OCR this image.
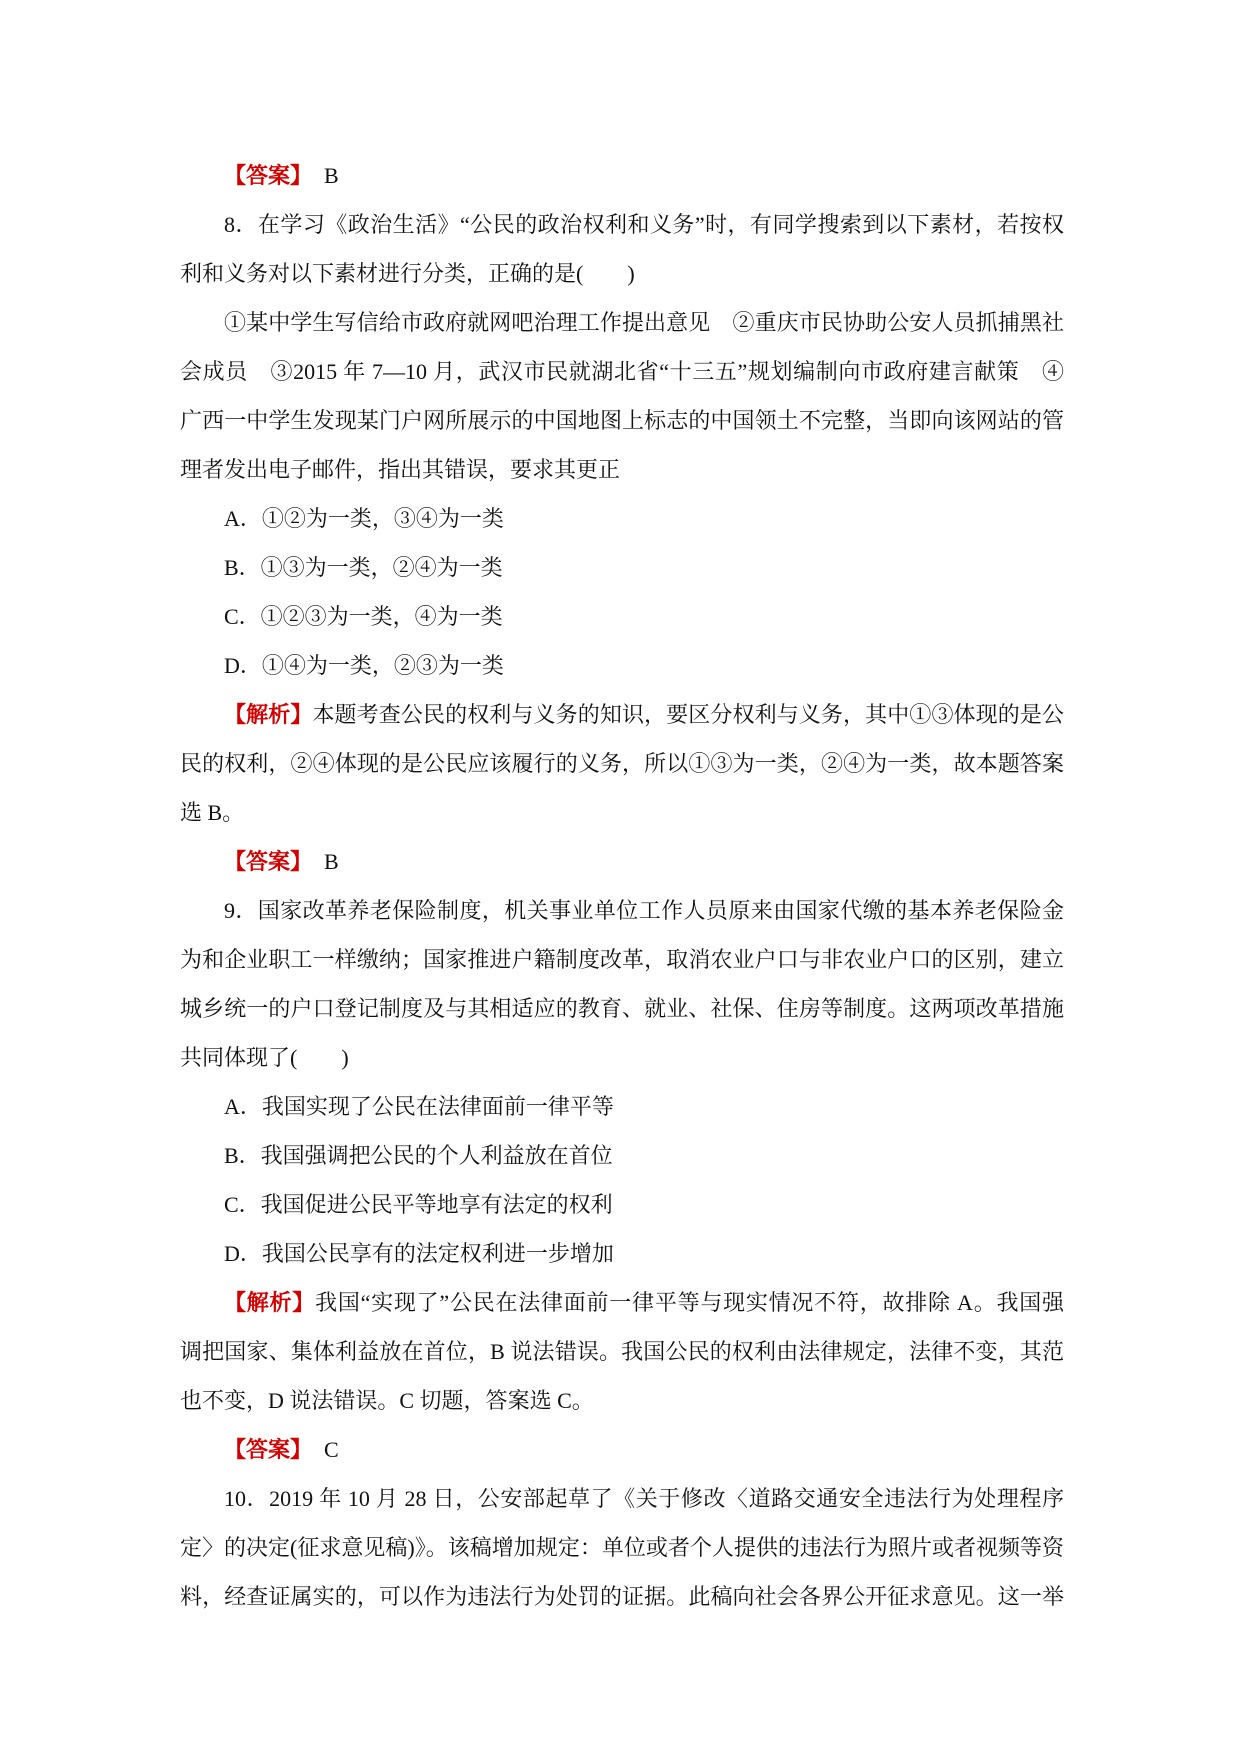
【答案】 B
8．在学习《政治生活》“公民的政治权利和义务”时，有同学搜索到以下素材，若按权
利和义务对以下素材进行分类，正确的是(　　)
①某中学生写信给市政府就网吧治理工作提出意见　②重庆市民协助公安人员抓捕黑社
会成员　③2015 年 7—10 月，武汉市民就湖北省“十三五”规划编制向市政府建言献策　④
广西一中学生发现某门户网所展示的中国地图上标志的中国领土不完整，当即向该网站的管
理者发出电子邮件，指出其错误，要求其更正
A．①②为一类，③④为一类
B．①③为一类，②④为一类
C．①②③为一类，④为一类
D．①④为一类，②③为一类
【解析】本题考查公民的权利与义务的知识，要区分权利与义务，其中①③体现的是公
民的权利，②④体现的是公民应该履行的义务，所以①③为一类，②④为一类，故本题答案
选 B。
【答案】 B
9．国家改革养老保险制度，机关事业单位工作人员原来由国家代缴的基本养老保险金
为和企业职工一样缴纳；国家推进户籍制度改革，取消农业户口与非农业户口的区别，建立
城乡统一的户口登记制度及与其相适应的教育、就业、社保、住房等制度。这两项改革措施
共同体现了(　　)
A．我国实现了公民在法律面前一律平等
B．我国强调把公民的个人利益放在首位
C．我国促进公民平等地享有法定的权利
D．我国公民享有的法定权利进一步增加
【解析】我国“实现了”公民在法律面前一律平等与现实情况不符，故排除 A。我国强
调把国家、集体利益放在首位，B 说法错误。我国公民的权利由法律规定，法律不变，其范
也不变，D 说法错误。C 切题，答案选 C。
【答案】 C
10．2019 年 10 月 28 日，公安部起草了《关于修改〈道路交通安全违法行为处理程序
定〉的决定(征求意见稿)》。该稿增加规定：单位或者个人提供的违法行为照片或者视频等资
料，经查证属实的，可以作为违法行为处罚的证据。此稿向社会各界公开征求意见。这一举
